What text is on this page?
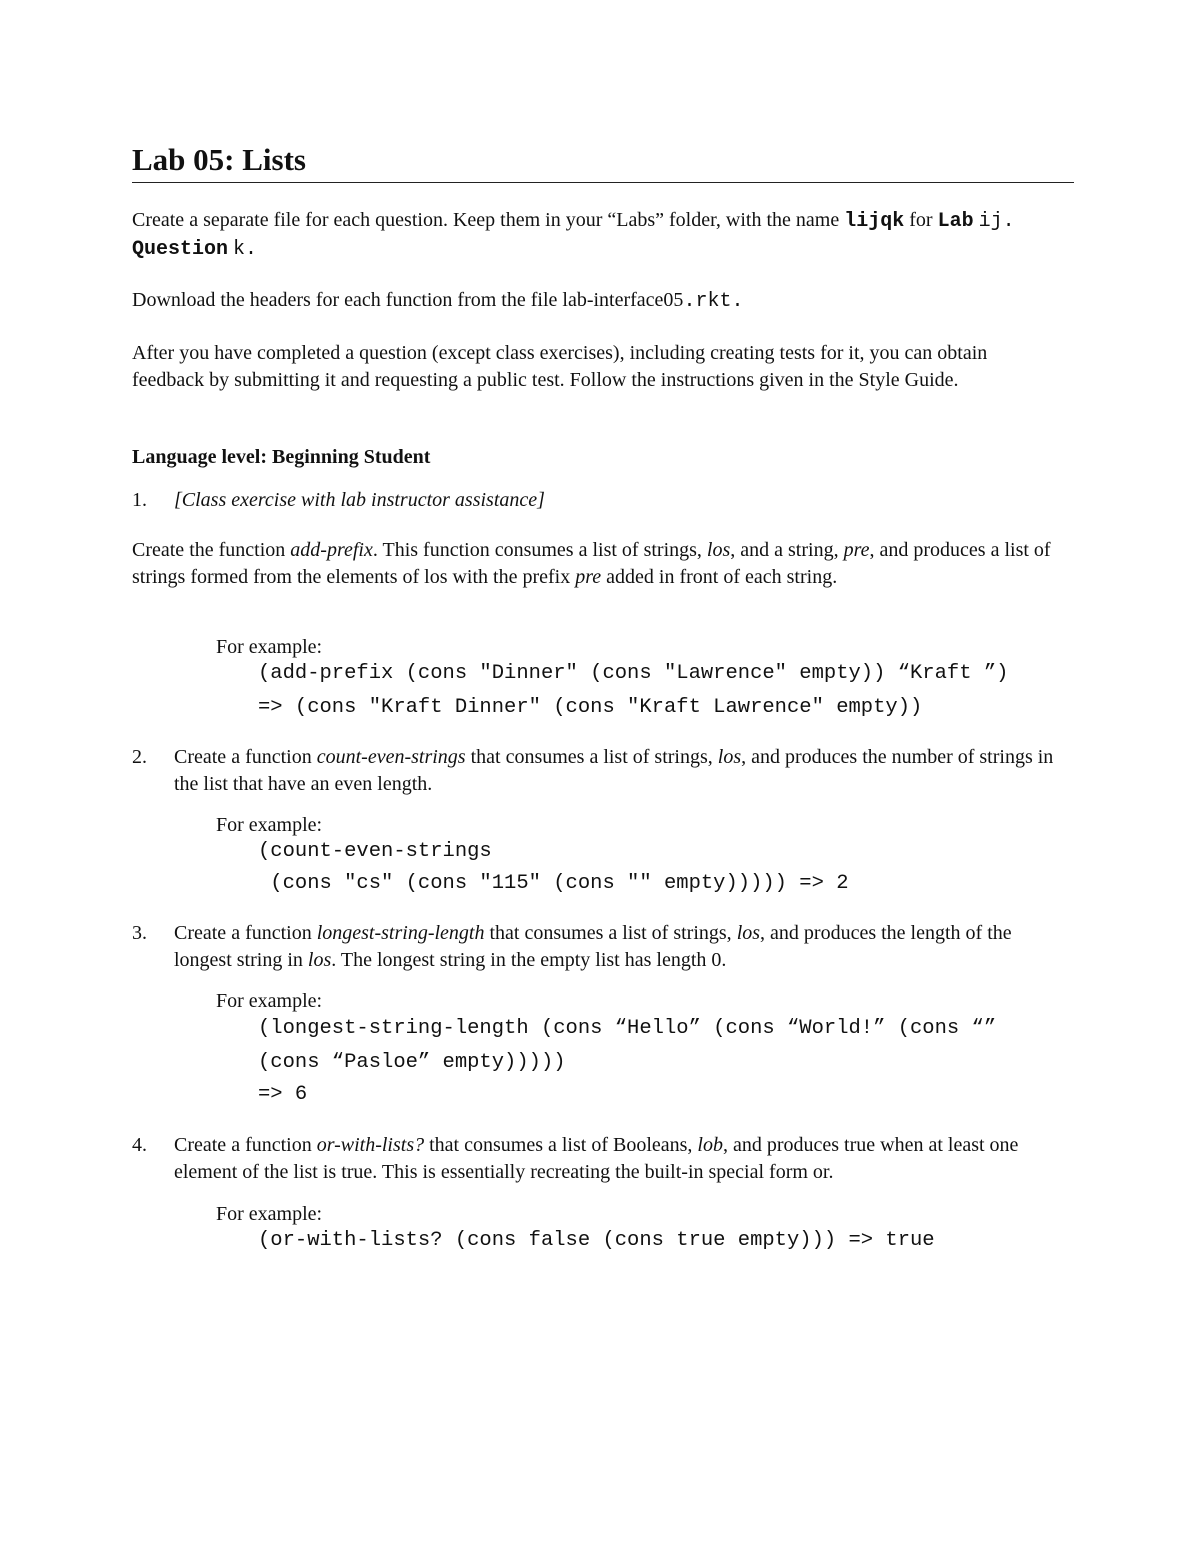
Lab 05: Lists

Create a separate file for each question. Keep them in your “Labs” folder, with the name lijqk for Lab ij. Question k.

Download the headers for each function from the file lab-interface05.rkt.

After you have completed a question (except class exercises), including creating tests for it, you can obtain feedback by submitting it and requesting a public test. Follow the instructions given in the Style Guide.

Language level: Beginning Student

1. [Class exercise with lab instructor assistance]

Create the function add-prefix. This function consumes a list of strings, los, and a string, pre, and produces a list of strings formed from the elements of los with the prefix pre added in front of each string.

For example:
(add-prefix (cons "Dinner" (cons "Lawrence" empty)) “Kraft ”)
=> (cons "Kraft Dinner" (cons "Kraft Lawrence" empty))
2. Create a function count-even-strings that consumes a list of strings, los, and produces the number of strings in the list that have an even length.

For example:
(count-even-strings
(cons "cs" (cons "115" (cons "" empty))))) => 2
3. Create a function longest-string-length that consumes a list of strings, los, and produces the length of the longest string in los. The longest string in the empty list has length 0.

For example:
(longest-string-length (cons “Hello” (cons “World!” (cons “”
(cons “Pasloe” empty)))))
=> 6
4. Create a function or-with-lists? that consumes a list of Booleans, lob, and produces true when at least one element of the list is true. This is essentially recreating the built-in special form or.

For example:
(or-with-lists? (cons false (cons true empty))) => true
